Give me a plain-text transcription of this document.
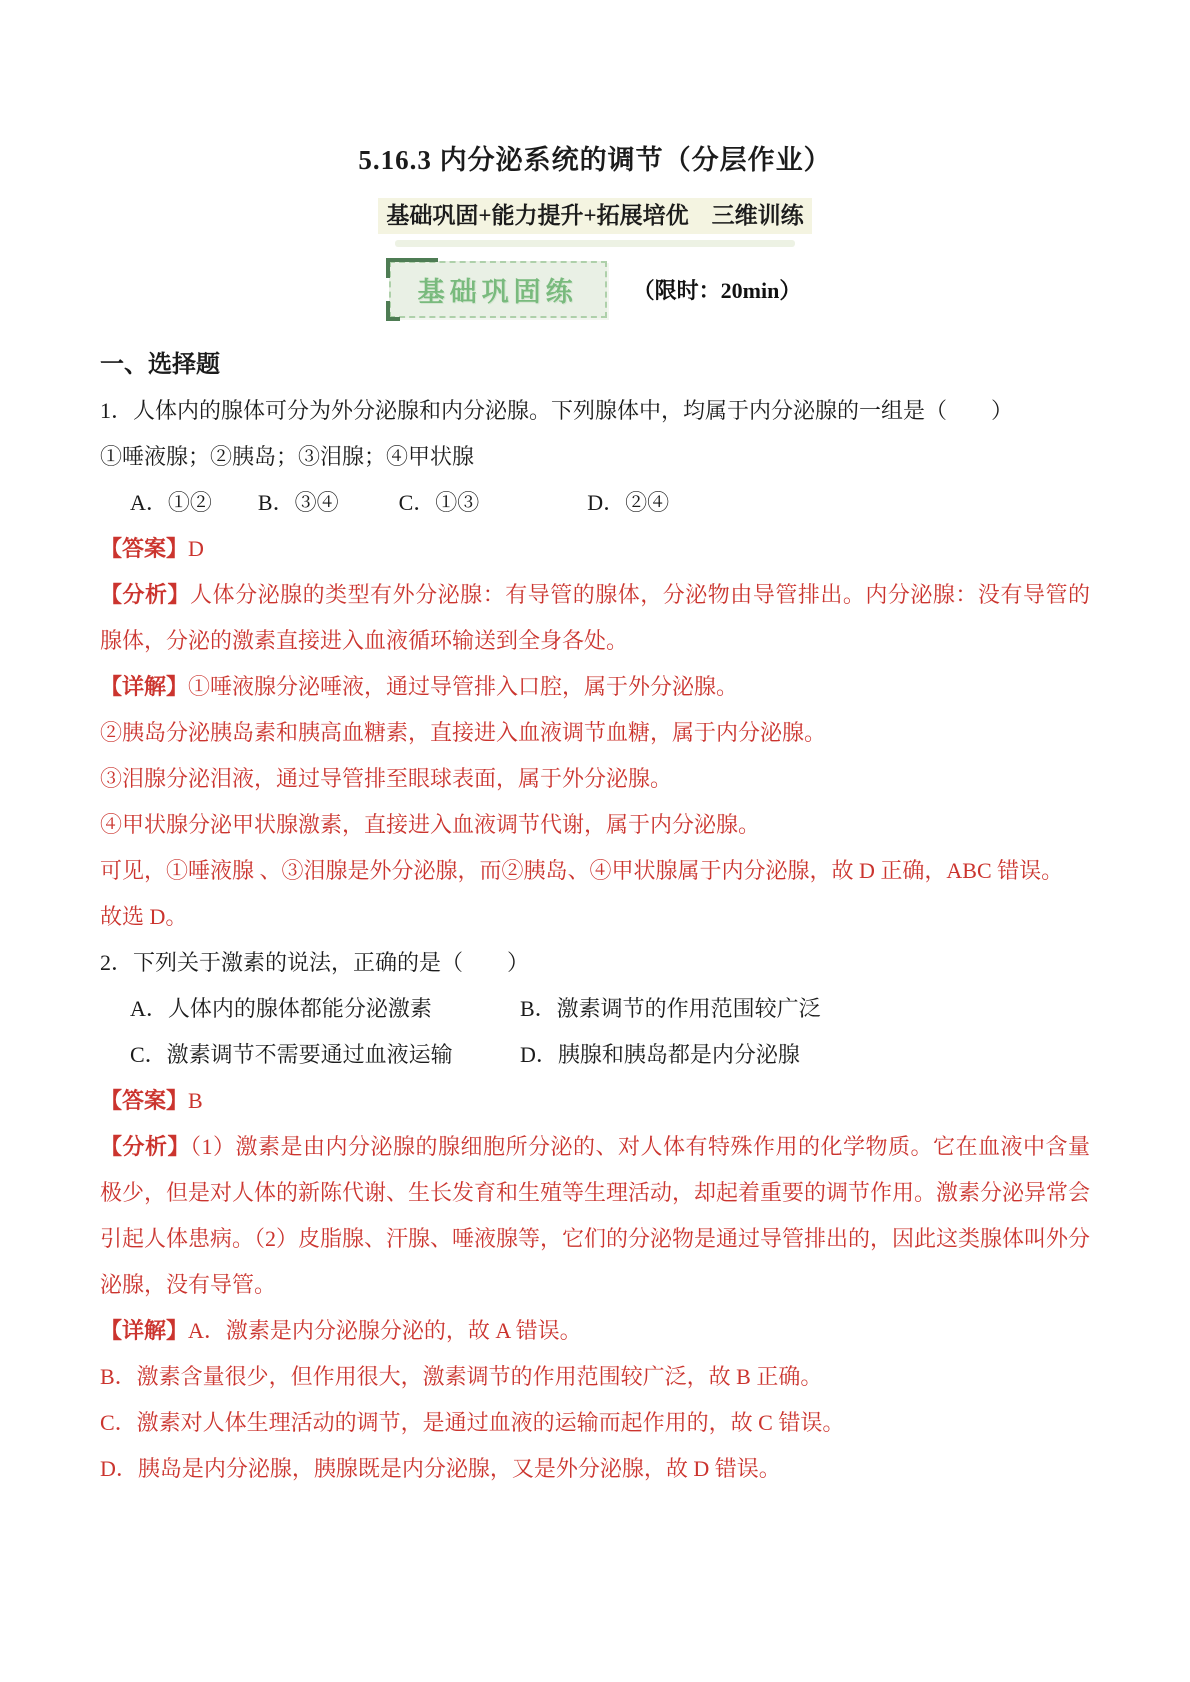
5.16.3 内分泌系统的调节（分层作业）
基础巩固+能力提升+拓展培优　三维训练
基础巩固练	（限时：20min）
一、选择题

1．人体内的腺体可分为外分泌腺和内分泌腺。下列腺体中，均属于内分泌腺的一组是（　　）

①唾液腺；②胰岛；③泪腺；④甲状腺

A．①② B．③④	C．①③	D．②④

【答案】D

【分析】人体分泌腺的类型有外分泌腺：有导管的腺体，分泌物由导管排出。内分泌腺：没有导管的腺体，分泌的激素直接进入血液循环输送到全身各处。

【详解】①唾液腺分泌唾液，通过导管排入口腔，属于外分泌腺。

②胰岛分泌胰岛素和胰高血糖素，直接进入血液调节血糖，属于内分泌腺。

③泪腺分泌泪液，通过导管排至眼球表面，属于外分泌腺。

④甲状腺分泌甲状腺激素，直接进入血液调节代谢，属于内分泌腺。

可见，①唾液腺 、③泪腺是外分泌腺，而②胰岛、④甲状腺属于内分泌腺，故 D 正确，ABC 错误。

故选 D。

2．下列关于激素的说法，正确的是（　　）

A．人体内的腺体都能分泌激素	B．激素调节的作用范围较广泛
C．激素调节不需要通过血液运输	D．胰腺和胰岛都是内分泌腺

【答案】B

【分析】（1）激素是由内分泌腺的腺细胞所分泌的、对人体有特殊作用的化学物质。它在血液中含量极少，但是对人体的新陈代谢、生长发育和生殖等生理活动，却起着重要的调节作用。激素分泌异常会引起人体患病。（2）皮脂腺、汗腺、唾液腺等，它们的分泌物是通过导管排出的，因此这类腺体叫外分泌腺，没有导管。

【详解】A．激素是内分泌腺分泌的，故 A 错误。

B．激素含量很少，但作用很大，激素调节的作用范围较广泛，故 B 正确。

C．激素对人体生理活动的调节，是通过血液的运输而起作用的，故 C 错误。

D．胰岛是内分泌腺，胰腺既是内分泌腺，又是外分泌腺，故 D 错误。
